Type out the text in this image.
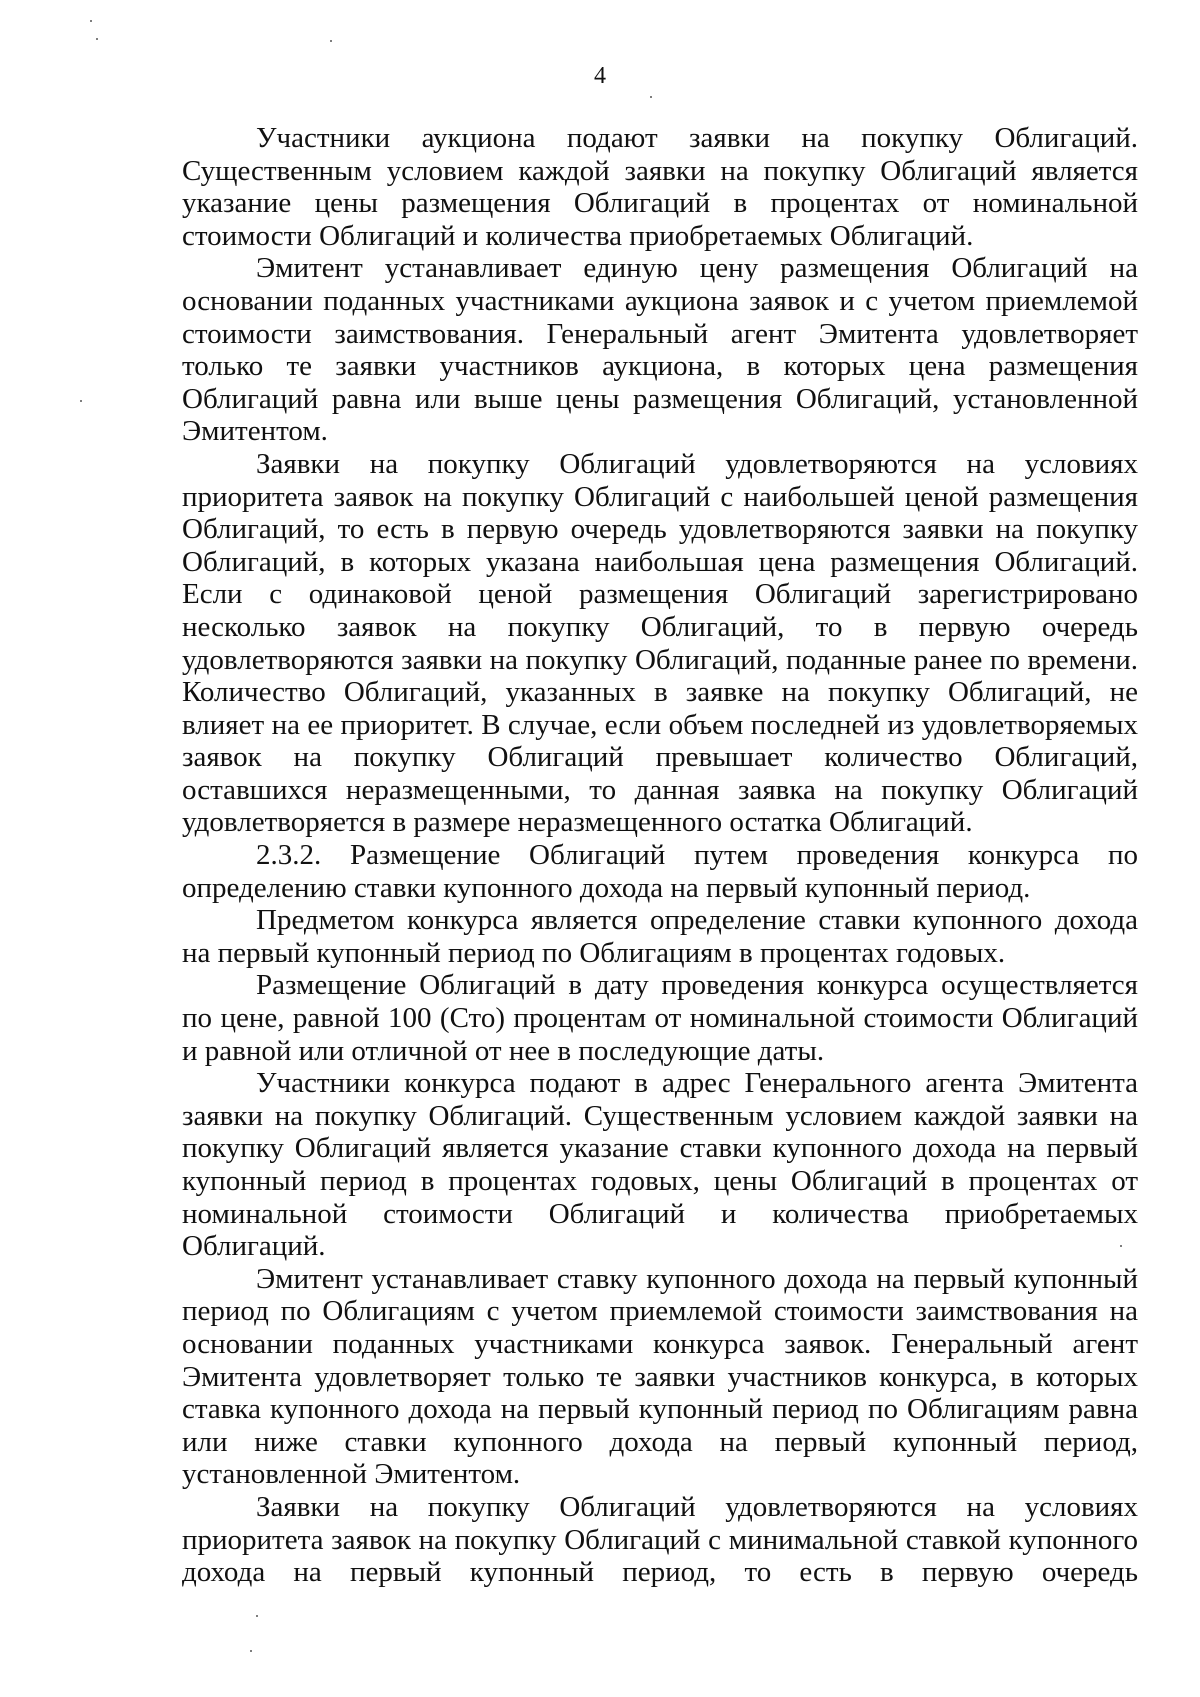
4

Участники аукциона подают заявки на покупку Облигаций. Существенным условием каждой заявки на покупку Облигаций является указание цены размещения Облигаций в процентах от номинальной стоимости Облигаций и количества приобретаемых Облигаций.

Эмитент устанавливает единую цену размещения Облигаций на основании поданных участниками аукциона заявок и с учетом приемлемой стоимости заимствования. Генеральный агент Эмитента удовлетворяет только те заявки участников аукциона, в которых цена размещения Облигаций равна или выше цены размещения Облигаций, установленной Эмитентом.

Заявки на покупку Облигаций удовлетворяются на условиях приоритета заявок на покупку Облигаций с наибольшей ценой размещения Облигаций, то есть в первую очередь удовлетворяются заявки на покупку Облигаций, в которых указана наибольшая цена размещения Облигаций. Если с одинаковой ценой размещения Облигаций зарегистрировано несколько заявок на покупку Облигаций, то в первую очередь удовлетворяются заявки на покупку Облигаций, поданные ранее по времени. Количество Облигаций, указанных в заявке на покупку Облигаций, не влияет на ее приоритет. В случае, если объем последней из удовлетворяемых заявок на покупку Облигаций превышает количество Облигаций, оставшихся неразмещенными, то данная заявка на покупку Облигаций удовлетворяется в размере неразмещенного остатка Облигаций.

2.3.2. Размещение Облигаций путем проведения конкурса по определению ставки купонного дохода на первый купонный период.

Предметом конкурса является определение ставки купонного дохода на первый купонный период по Облигациям в процентах годовых.

Размещение Облигаций в дату проведения конкурса осуществляется по цене, равной 100 (Сто) процентам от номинальной стоимости Облигаций и равной или отличной от нее в последующие даты.

Участники конкурса подают в адрес Генерального агента Эмитента заявки на покупку Облигаций. Существенным условием каждой заявки на покупку Облигаций является указание ставки купонного дохода на первый купонный период в процентах годовых, цены Облигаций в процентах от номинальной стоимости Облигаций и количества приобретаемых Облигаций.

Эмитент устанавливает ставку купонного дохода на первый купонный период по Облигациям с учетом приемлемой стоимости заимствования на основании поданных участниками конкурса заявок. Генеральный агент Эмитента удовлетворяет только те заявки участников конкурса, в которых ставка купонного дохода на первый купонный период по Облигациям равна или ниже ставки купонного дохода на первый купонный период, установленной Эмитентом.

Заявки на покупку Облигаций удовлетворяются на условиях приоритета заявок на покупку Облигаций с минимальной ставкой купонного дохода на первый купонный период, то есть в первую очередь
